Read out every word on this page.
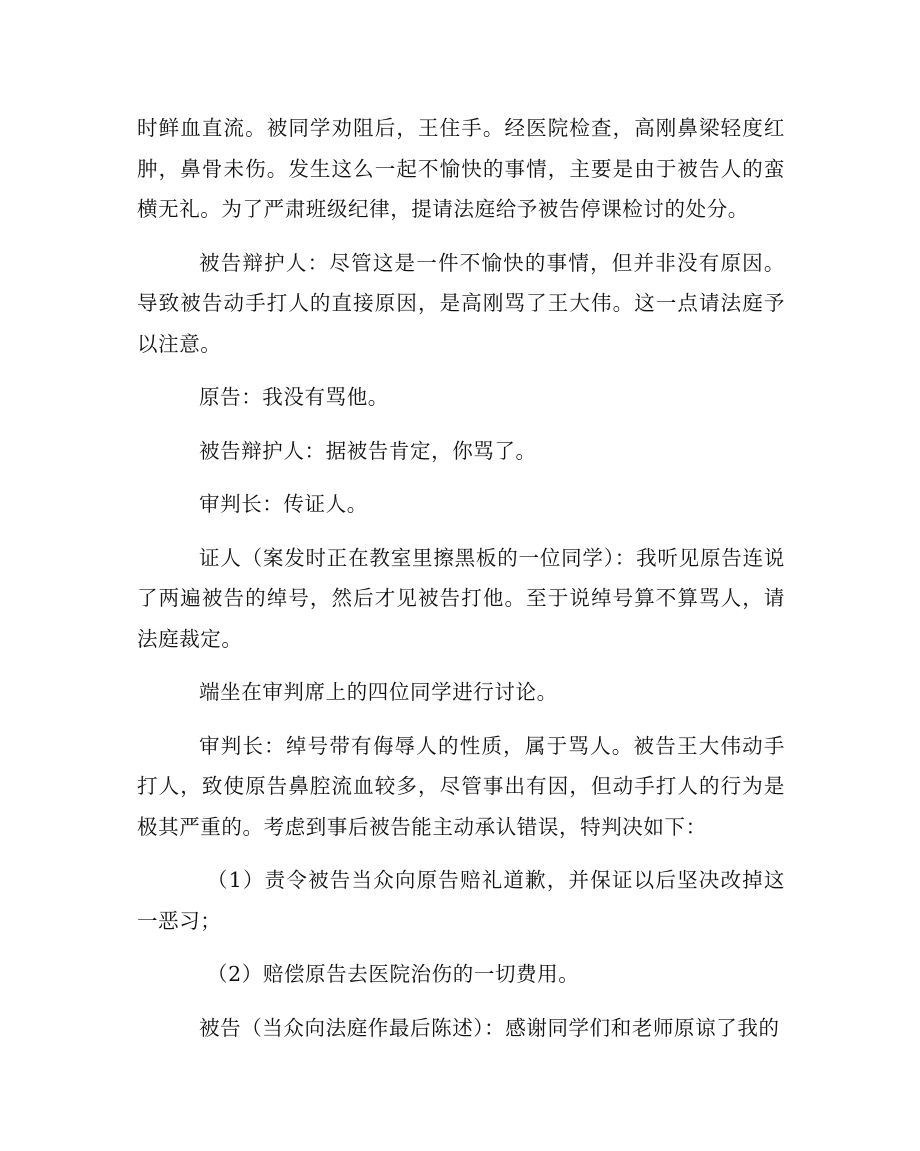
时鲜血直流。被同学劝阻后，王住手。经医院检查，高刚鼻梁轻度红肿，鼻骨未伤。发生这么一起不愉快的事情，主要是由于被告人的蛮横无礼。为了严肃班级纪律，提请法庭给予被告停课检讨的处分。

被告辩护人：尽管这是一件不愉快的事情，但并非没有原因。导致被告动手打人的直接原因，是高刚骂了王大伟。这一点请法庭予以注意。

原告：我没有骂他。

被告辩护人：据被告肯定，你骂了。

审判长：传证人。

证人（案发时正在教室里擦黑板的一位同学）：我听见原告连说了两遍被告的绰号，然后才见被告打他。至于说绰号算不算骂人，请法庭裁定。

端坐在审判席上的四位同学进行讨论。

审判长：绰号带有侮辱人的性质，属于骂人。被告王大伟动手打人，致使原告鼻腔流血较多，尽管事出有因，但动手打人的行为是极其严重的。考虑到事后被告能主动承认错误，特判决如下：

（1）责令被告当众向原告赔礼道歉，并保证以后坚决改掉这一恶习；

（2）赔偿原告去医院治伤的一切费用。

被告（当众向法庭作最后陈述）：感谢同学们和老师原谅了我的
